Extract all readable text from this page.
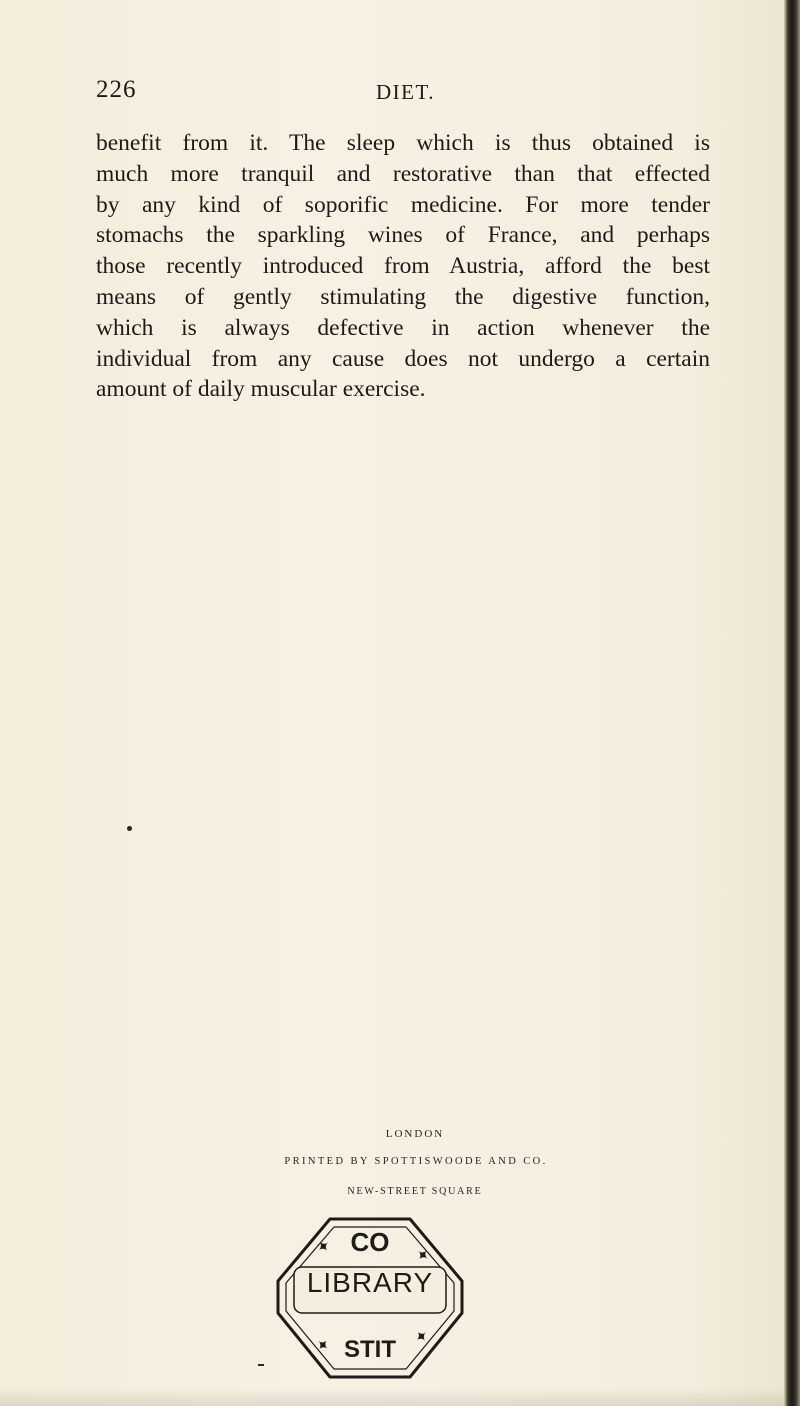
226	DIET.
benefit from it. The sleep which is thus obtained is
much more tranquil and restorative than that effected
by any kind of soporific medicine. For more tender
stomachs the sparkling wines of France, and perhaps
those recently introduced from Austria, afford the best
means of gently stimulating the digestive function,
which is always defective in action whenever the
individual from any cause does not undergo a certain
amount of daily muscular exercise.
LONDON
PRINTED BY SPOTTISWOODE AND CO.
NEW-STREET SQUARE
CO
✦	✦
✦	✦
STIT
LIBRARY
